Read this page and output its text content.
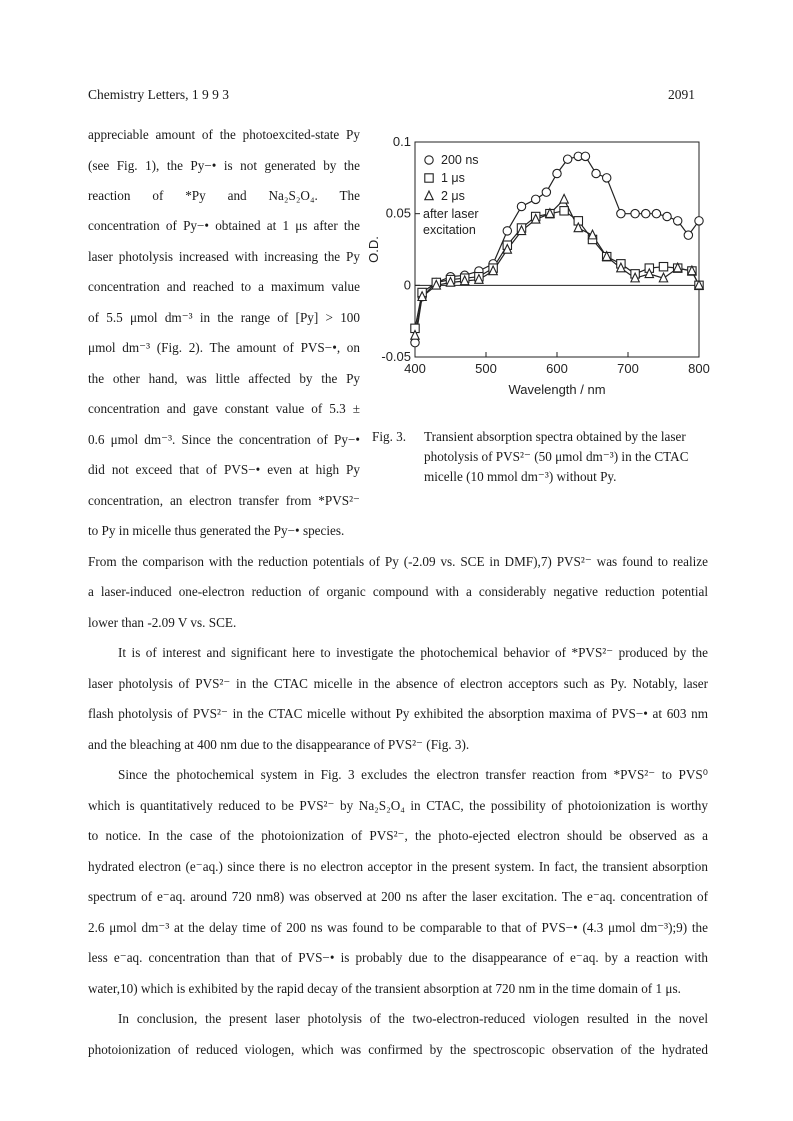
Chemistry Letters, 1 9 9 3	2091
appreciable amount of the photoexcited-state Py
(see Fig. 1), the Py−• is not generated by the
reaction of *Py and Na₂S₂O₄. The
concentration of Py−• obtained at 1 μs after the
laser photolysis increased with increasing the Py
concentration and reached to a maximum value
of 5.5 μmol dm⁻³ in the range of [Py] > 100
μmol dm⁻³ (Fig. 2). The amount of PVS−•, on
the other hand, was little affected by the Py
concentration and gave constant value of 5.3 ±
0.6 μmol dm⁻³. Since the concentration of Py−•
did not exceed that of PVS−• even at high Py
concentration, an electron transfer from *PVS²⁻
to Py in micelle thus generated the Py−• species.
400	500	600	700	800
-0.05
0
0.05
0.1
Wavelength / nm
O.D.
200 ns
1 μs
2 μs
after laser
excitation
Fig. 3.	Transient absorption spectra obtained by the laser
photolysis of PVS²⁻ (50 μmol dm⁻³) in the CTAC
micelle (10 mmol dm⁻³) without Py.
From the comparison with the reduction potentials of Py (-2.09 vs. SCE in DMF),7) PVS²⁻ was found to realize
a laser-induced one-electron reduction of organic compound with a considerably negative reduction potential
lower than -2.09 V vs. SCE.
It is of interest and significant here to investigate the photochemical behavior of *PVS²⁻ produced by the
laser photolysis of PVS²⁻ in the CTAC micelle in the absence of electron acceptors such as Py. Notably, laser
flash photolysis of PVS²⁻ in the CTAC micelle without Py exhibited the absorption maxima of PVS−• at 603 nm
and the bleaching at 400 nm due to the disappearance of PVS²⁻ (Fig. 3).
Since the photochemical system in Fig. 3 excludes the electron transfer reaction from *PVS²⁻ to PVS⁰
which is quantitatively reduced to be PVS²⁻ by Na₂S₂O₄ in CTAC, the possibility of photoionization is worthy
to notice. In the case of the photoionization of PVS²⁻, the photo-ejected electron should be observed as a
hydrated electron (e⁻aq.) since there is no electron acceptor in the present system. In fact, the transient absorption
spectrum of e⁻aq. around 720 nm8) was observed at 200 ns after the laser excitation. The e⁻aq. concentration of
2.6 μmol dm⁻³ at the delay time of 200 ns was found to be comparable to that of PVS−• (4.3 μmol dm⁻³);9) the
less e⁻aq. concentration than that of PVS−• is probably due to the disappearance of e⁻aq. by a reaction with
water,10) which is exhibited by the rapid decay of the transient absorption at 720 nm in the time domain of 1 μs.
In conclusion, the present laser photolysis of the two-electron-reduced viologen resulted in the novel
photoionization of reduced viologen, which was confirmed by the spectroscopic observation of the hydrated
